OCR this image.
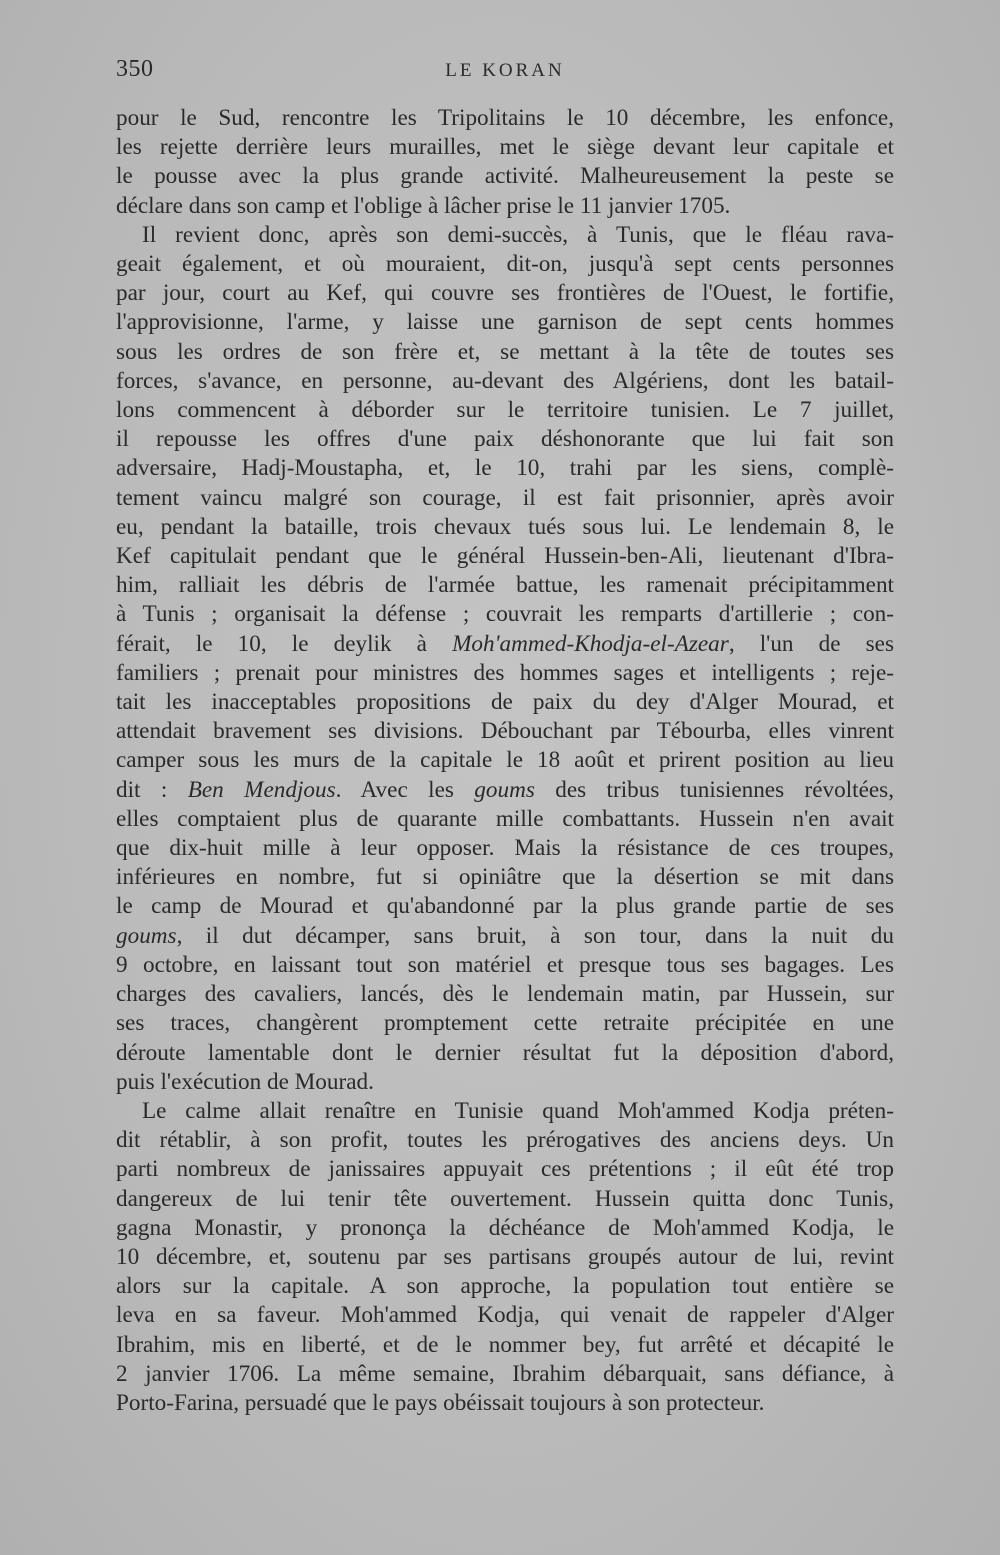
350	LE KORAN

pour le Sud, rencontre les Tripolitains le 10 décembre, les enfonce,
les rejette derrière leurs murailles, met le siège devant leur capitale et
le pousse avec la plus grande activité. Malheureusement la peste se
déclare dans son camp et l'oblige à lâcher prise le 11 janvier 1705.

Il revient donc, après son demi-succès, à Tunis, que le fléau rava-
geait également, et où mouraient, dit-on, jusqu'à sept cents personnes
par jour, court au Kef, qui couvre ses frontières de l'Ouest, le fortifie,
l'approvisionne, l'arme, y laisse une garnison de sept cents hommes
sous les ordres de son frère et, se mettant à la tête de toutes ses
forces, s'avance, en personne, au-devant des Algériens, dont les batail-
lons commencent à déborder sur le territoire tunisien. Le 7 juillet,
il repousse les offres d'une paix déshonorante que lui fait son
adversaire, Hadj-Moustapha, et, le 10, trahi par les siens, complè-
tement vaincu malgré son courage, il est fait prisonnier, après avoir
eu, pendant la bataille, trois chevaux tués sous lui. Le lendemain 8, le
Kef capitulait pendant que le général Hussein-ben-Ali, lieutenant d'Ibra-
him, ralliait les débris de l'armée battue, les ramenait précipitamment
à Tunis ; organisait la défense ; couvrait les remparts d'artillerie ; con-
férait, le 10, le deylik à Moh'ammed-Khodja-el-Azear, l'un de ses
familiers ; prenait pour ministres des hommes sages et intelligents ; reje-
tait les inacceptables propositions de paix du dey d'Alger Mourad, et
attendait bravement ses divisions. Débouchant par Tébourba, elles vinrent
camper sous les murs de la capitale le 18 août et prirent position au lieu
dit : Ben Mendjous. Avec les goums des tribus tunisiennes révoltées,
elles comptaient plus de quarante mille combattants. Hussein n'en avait
que dix-huit mille à leur opposer. Mais la résistance de ces troupes,
inférieures en nombre, fut si opiniâtre que la désertion se mit dans
le camp de Mourad et qu'abandonné par la plus grande partie de ses
goums, il dut décamper, sans bruit, à son tour, dans la nuit du
9 octobre, en laissant tout son matériel et presque tous ses bagages. Les
charges des cavaliers, lancés, dès le lendemain matin, par Hussein, sur
ses traces, changèrent promptement cette retraite précipitée en une
déroute lamentable dont le dernier résultat fut la déposition d'abord,
puis l'exécution de Mourad.

Le calme allait renaître en Tunisie quand Moh'ammed Kodja préten-
dit rétablir, à son profit, toutes les prérogatives des anciens deys. Un
parti nombreux de janissaires appuyait ces prétentions ; il eût été trop
dangereux de lui tenir tête ouvertement. Hussein quitta donc Tunis,
gagna Monastir, y prononça la déchéance de Moh'ammed Kodja, le
10 décembre, et, soutenu par ses partisans groupés autour de lui, revint
alors sur la capitale. A son approche, la population tout entière se
leva en sa faveur. Moh'ammed Kodja, qui venait de rappeler d'Alger
Ibrahim, mis en liberté, et de le nommer bey, fut arrêté et décapité le
2 janvier 1706. La même semaine, Ibrahim débarquait, sans défiance, à
Porto-Farina, persuadé que le pays obéissait toujours à son protecteur.
